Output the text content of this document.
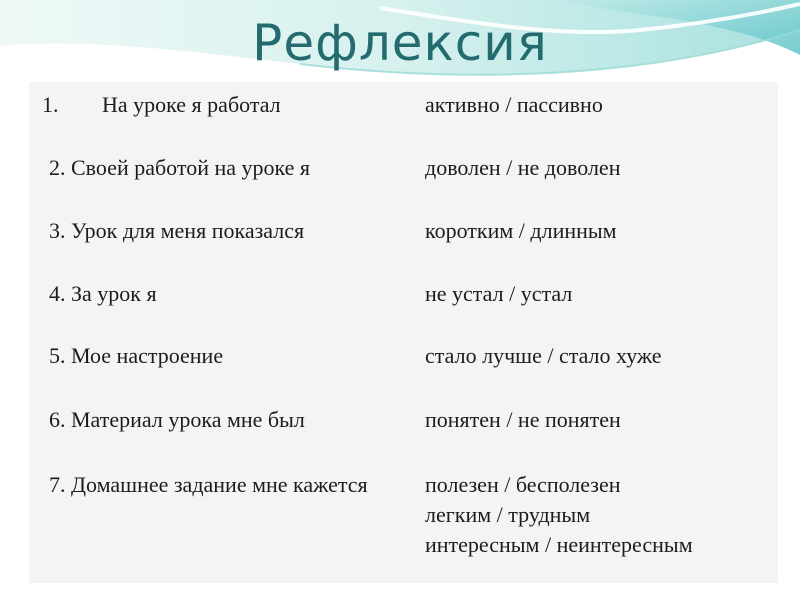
Рефлексия
1. На уроке я работал	активно / пассивно
2. Своей работой на уроке я	доволен / не доволен
3. Урок для меня показался	коротким / длинным
4. За урок я	не устал / устал
5. Мое настроение	стало лучше / стало хуже
6. Материал урока мне был	понятен / не понятен
7. Домашнее задание мне кажется	полезен / бесполезен
легким / трудным
интересным / неинтересным
